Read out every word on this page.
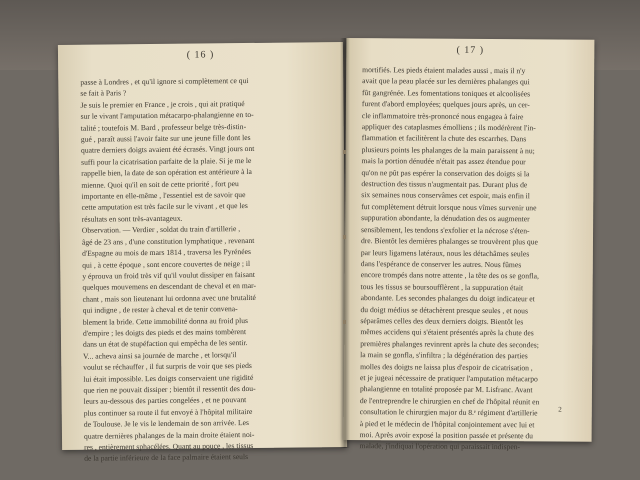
( 16 )
passe à Londres , et qu'il ignore si complètement ce qui
se fait à Paris ?
Je suis le premier en France , je crois , qui ait pratiqué
sur le vivant l'amputation métacarpo-phalangienne en to-
talité ; toutefois M. Bard , professeur belge très-distin-
gué , paraît aussi l'avoir faite sur une jeune fille dont les
quatre derniers doigts avaient été écrasés. Vingt jours ont
suffi pour la cicatrisation parfaite de la plaie. Si je me le
rappelle bien, la date de son opération est antérieure à la
mienne. Quoi qu'il en soit de cette priorité , fort peu
importante en elle-même , l'essentiel est de savoir que
cette amputation est très facile sur le vivant , et que les
résultats en sont très-avantageux.
Observation. — Verdier , soldat du train d'artillerie ,
âgé de 23 ans , d'une constitution lymphatique , revenant
d'Espagne au mois de mars 1814 , traversa les Pyrénées
qui , à cette époque , sont encore couvertes de neige ; il
y éprouva un froid très vif qu'il voulut dissiper en faisant
quelques mouvemens en descendant de cheval et en mar-
chant , mais son lieutenant lui ordonna avec une brutalité
qui indigne , de rester à cheval et de tenir convena-
blement la bride. Cette immobilité donna au froid plus
d'empire ; les doigts des pieds et des mains tombèrent
dans un état de stupéfaction qui empêcha de les sentir.
V... acheva ainsi sa journée de marche , et lorsqu'il
voulut se réchauffer , il fut surpris de voir que ses pieds
lui était impossible. Les doigts conservaient une rigidité
que rien ne pouvait dissiper ; bientôt il ressentit des dou-
leurs au-dessous des parties congelées , et ne pouvant
plus continuer sa route il fut envoyé à l'hôpital militaire
de Toulouse. Je le vis le lendemain de son arrivée. Les
quatre dernières phalanges de la main droite étaient noi-
res , entièrement sphacélées. Quant au pouce , les tissus
de la partie inférieure de la face palmaire étaient seuls
( 17 )
mortifiés. Les pieds étaient malades aussi , mais il n'y
avait que la peau placée sur les dernières phalanges qui
fût gangrénée. Les fomentations toniques et alcoolisées
furent d'abord employées; quelques jours après, un cer-
cle inflammatoire très-prononcé nous engagea à faire
appliquer des cataplasmes émolliens ; ils modérèrent l'in-
flammation et facilitèrent la chute des escarrhes. Dans
plusieurs points les phalanges de la main paraissent à nu;
mais la portion dénudée n'était pas assez étendue pour
qu'on ne pût pas espérer la conservation des doigts si la
destruction des tissus n'augmentait pas. Durant plus de
six semaines nous conservâmes cet espoir, mais enfin il
fut complètement détruit lorsque nous vîmes survenir une
suppuration abondante, la dénudation des os augmenter
sensiblement, les tendons s'exfolier et la nécrose s'éten-
dre. Bientôt les dernières phalanges se trouvèrent plus que
par leurs ligamens latéraux, nous les détachâmes seules
dans l'espérance de conserver les autres. Nous fûmes
encore trompés dans notre attente , la tête des os se gonfla,
tous les tissus se boursoufflèrent , la suppuration était
abondante. Les secondes phalanges du doigt indicateur et
du doigt médius se détachèrent presque seules , et nous
séparâmes celles des deux derniers doigts. Bientôt les
mêmes accidens qui s'étaient présentés après la chute des
premières phalanges revinrent après la chute des secondes;
la main se gonfla, s'infiltra ; la dégénération des parties
molles des doigts ne laissa plus d'espoir de cicatrisation ,
et je jugeai nécessaire de pratiquer l'amputation métacarpo
phalangienne en totalité proposée par M. Lisfranc. Avant
de l'entreprendre le chirurgien en chef de l'hôpital réunit en
consultation le chirurgien major du 8.ᵉ régiment d'artillerie
à pied et le médecin de l'hôpital conjointement avec lui et
moi. Après avoir exposé la position passée et présente du
malade, j'indiquai l'opération qui paraissait indispen-
2
